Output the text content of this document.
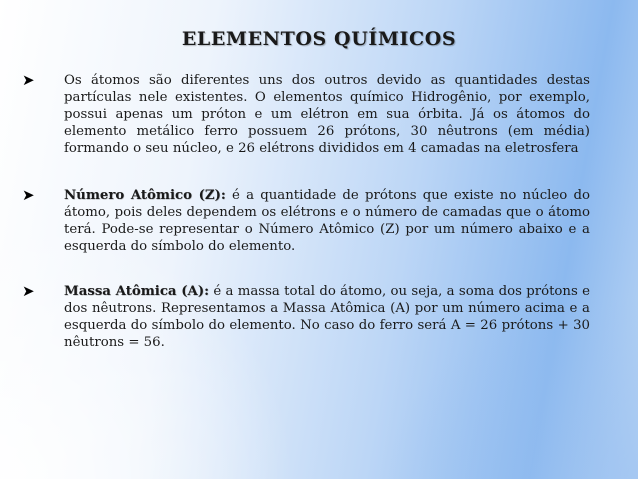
ELEMENTOS QUÍMICOS
➤	Os átomos são diferentes uns dos outros devido as quantidades destas partículas nele existentes. O elementos químico Hidrogênio, por exemplo, possui apenas um próton e um elétron em sua órbita. Já os átomos do elemento metálico ferro possuem 26 prótons, 30 nêutrons (em média) formando o seu núcleo, e 26 elétrons divididos em 4 camadas na eletrosfera
➤	Número Atômico (Z): é a quantidade de prótons que existe no núcleo do átomo, pois deles dependem os elétrons e o número de camadas que o átomo terá. Pode-se representar o Número Atômico (Z) por um número abaixo e a esquerda do símbolo do elemento.
➤	Massa Atômica (A): é a massa total do átomo, ou seja, a soma dos prótons e dos nêutrons. Representamos a Massa Atômica (A) por um número acima e a esquerda do símbolo do elemento. No caso do ferro será A = 26 prótons + 30 nêutrons = 56.
